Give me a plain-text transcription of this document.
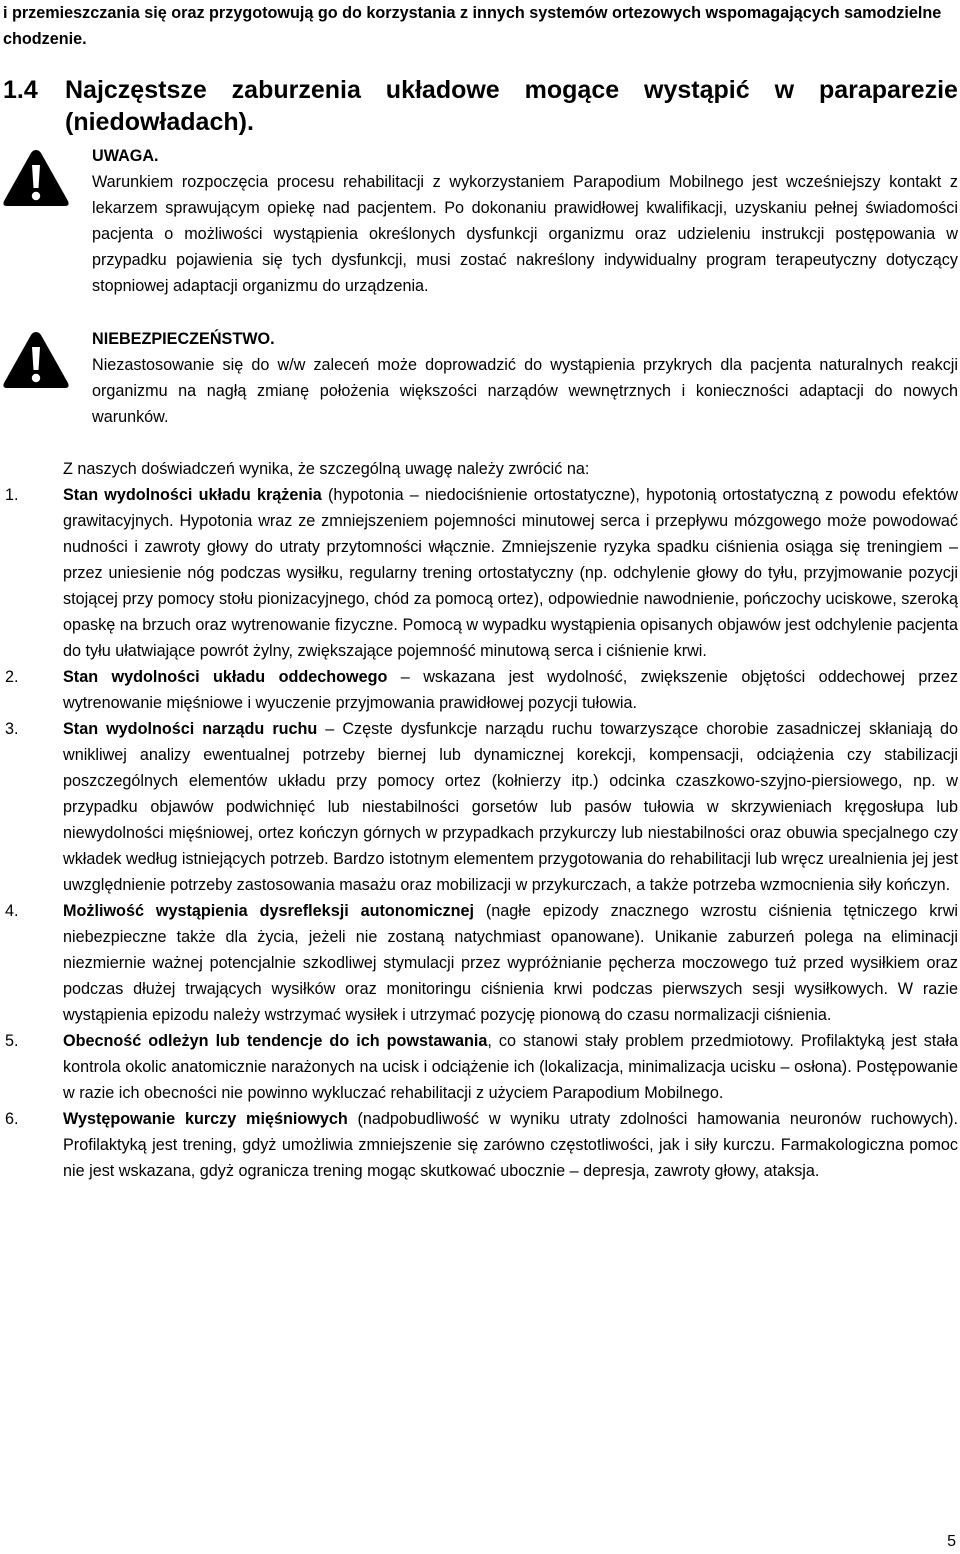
i przemieszczania się oraz przygotowują go do korzystania z innych systemów ortezowych wspomagających samodzielne chodzenie.

1.4	Najczęstsze zaburzenia układowe mogące wystąpić w paraparezie
(niedowładach).

UWAGA.

Warunkiem rozpoczęcia procesu rehabilitacji z wykorzystaniem Parapodium Mobilnego jest wcześniejszy kontakt z lekarzem sprawującym opiekę nad pacjentem. Po dokonaniu prawidłowej kwalifikacji, uzyskaniu pełnej świadomości pacjenta o możliwości wystąpienia określonych dysfunkcji organizmu oraz udzieleniu instrukcji postępowania w przypadku pojawienia się tych dysfunkcji, musi zostać nakreślony indywidualny program terapeutyczny dotyczący stopniowej adaptacji organizmu do urządzenia.

NIEBEZPIECZEŃSTWO.

Niezastosowanie się do w/w zaleceń może doprowadzić do wystąpienia przykrych dla pacjenta naturalnych reakcji organizmu na nagłą zmianę położenia większości narządów wewnętrznych i konieczności adaptacji do nowych warunków.

Z naszych doświadczeń wynika, że szczególną uwagę należy zwrócić na:

1.	Stan wydolności układu krążenia (hypotonia – niedociśnienie ortostatyczne), hypotonią ortostatyczną z powodu efektów grawitacyjnych. Hypotonia wraz ze zmniejszeniem pojemności minutowej serca i przepływu mózgowego może powodować nudności i zawroty głowy do utraty przytomności włącznie. Zmniejszenie ryzyka spadku ciśnienia osiąga się treningiem – przez uniesienie nóg podczas wysiłku, regularny trening ortostatyczny (np. odchylenie głowy do tyłu, przyjmowanie pozycji stojącej przy pomocy stołu pionizacyjnego, chód za pomocą ortez), odpowiednie nawodnienie, pończochy uciskowe, szeroką opaskę na brzuch oraz wytrenowanie fizyczne. Pomocą w wypadku wystąpienia opisanych objawów jest odchylenie pacjenta do tyłu ułatwiające powrót żylny, zwiększające pojemność minutową serca i ciśnienie krwi.
2.	Stan wydolności układu oddechowego – wskazana jest wydolność, zwiększenie objętości oddechowej przez wytrenowanie mięśniowe i wyuczenie przyjmowania prawidłowej pozycji tułowia.
3.	Stan wydolności narządu ruchu – Częste dysfunkcje narządu ruchu towarzyszące chorobie zasadniczej skłaniają do wnikliwej analizy ewentualnej potrzeby biernej lub dynamicznej korekcji, kompensacji, odciążenia czy stabilizacji poszczególnych elementów układu przy pomocy ortez (kołnierzy itp.) odcinka czaszkowo-szyjno-piersiowego, np. w przypadku objawów podwichnięć lub niestabilności gorsetów lub pasów tułowia w skrzywieniach kręgosłupa lub niewydolności mięśniowej, ortez kończyn górnych w przypadkach przykurczy lub niestabilności oraz obuwia specjalnego czy wkładek według istniejących potrzeb. Bardzo istotnym elementem przygotowania do rehabilitacji lub wręcz urealnienia jej jest uwzględnienie potrzeby zastosowania masażu oraz mobilizacji w przykurczach, a także potrzeba wzmocnienia siły kończyn.
4.	Możliwość wystąpienia dysrefleksji autonomicznej (nagłe epizody znacznego wzrostu ciśnienia tętniczego krwi niebezpieczne także dla życia, jeżeli nie zostaną natychmiast opanowane). Unikanie zaburzeń polega na eliminacji niezmiernie ważnej potencjalnie szkodliwej stymulacji przez wypróżnianie pęcherza moczowego tuż przed wysiłkiem oraz podczas dłużej trwających wysiłków oraz monitoringu ciśnienia krwi podczas pierwszych sesji wysiłkowych. W razie wystąpienia epizodu należy wstrzymać wysiłek i utrzymać pozycję pionową do czasu normalizacji ciśnienia.
5.	Obecność odleżyn lub tendencje do ich powstawania, co stanowi stały problem przedmiotowy. Profilaktyką jest stała kontrola okolic anatomicznie narażonych na ucisk i odciążenie ich (lokalizacja, minimalizacja ucisku – osłona). Postępowanie w razie ich obecności nie powinno wykluczać rehabilitacji z użyciem Parapodium Mobilnego.
6.	Występowanie kurczy mięśniowych (nadpobudliwość w wyniku utraty zdolności hamowania neuronów ruchowych). Profilaktyką jest trening, gdyż umożliwia zmniejszenie się zarówno częstotliwości, jak i siły kurczu. Farmakologiczna pomoc nie jest wskazana, gdyż ogranicza trening mogąc skutkować ubocznie – depresja, zawroty głowy, ataksja.
5
